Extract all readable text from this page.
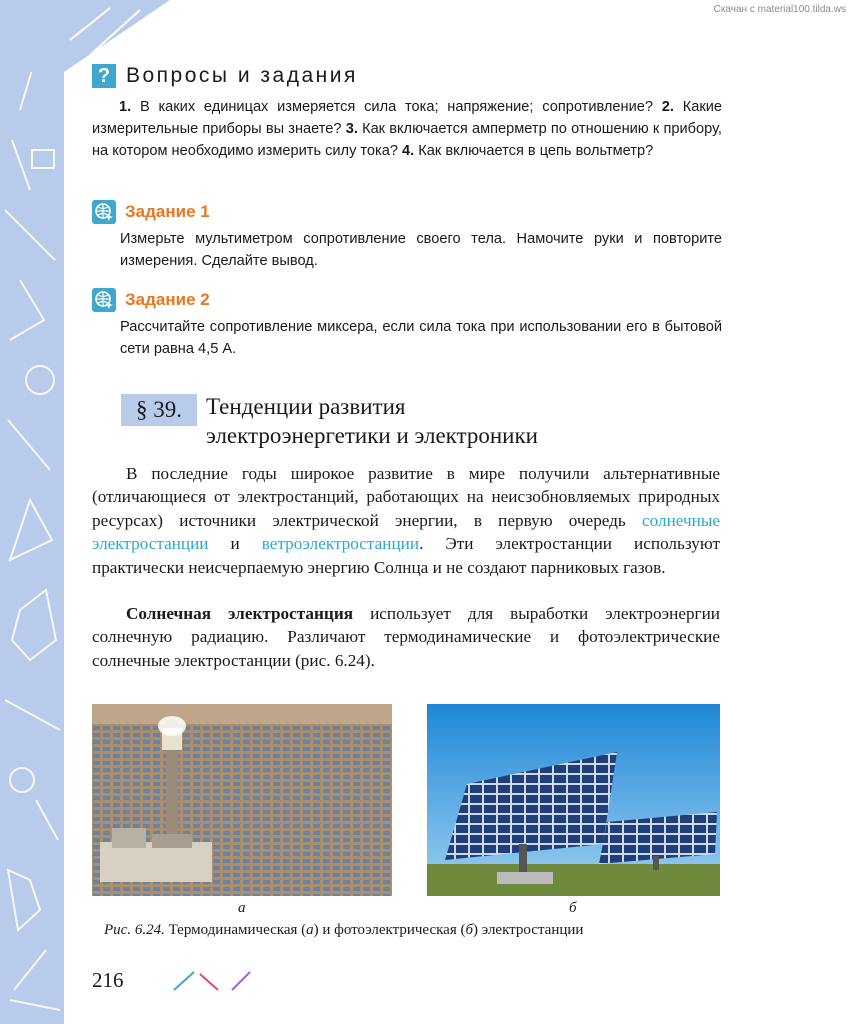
Скачан с material100.tilda.ws
? Вопросы и задания
1. В каких единицах измеряется сила тока; напряжение; сопротивление? 2. Какие измерительные приборы вы знаете? 3. Как включается амперметр по отношению к прибору, на котором необходимо измерить силу тока? 4. Как включается в цепь вольтметр?
Задание 1
Измерьте мультиметром сопротивление своего тела. Намочите руки и повторите измерения. Сделайте вывод.
Задание 2
Рассчитайте сопротивление миксера, если сила тока при использовании его в бытовой сети равна 4,5 А.
§ 39.	Тенденции развития
электроэнергетики и электроники
В последние годы широкое развитие в мире получили альтернативные (отличающиеся от электростанций, работающих на неисзобновляемых природных ресурсах) источники электрической энергии, в первую очередь солнечные электростанции и ветроэлектростанции. Эти электростанции используют практически неисчерпаемую энергию Солнца и не создают парниковых газов.
Солнечная электростанция использует для выработки электроэнергии солнечную радиацию. Различают термодинамические и фотоэлектрические солнечные электростанции (рис. 6.24).
а	б
Рис. 6.24. Термодинамическая (а) и фотоэлектрическая (б) электростанции
216
